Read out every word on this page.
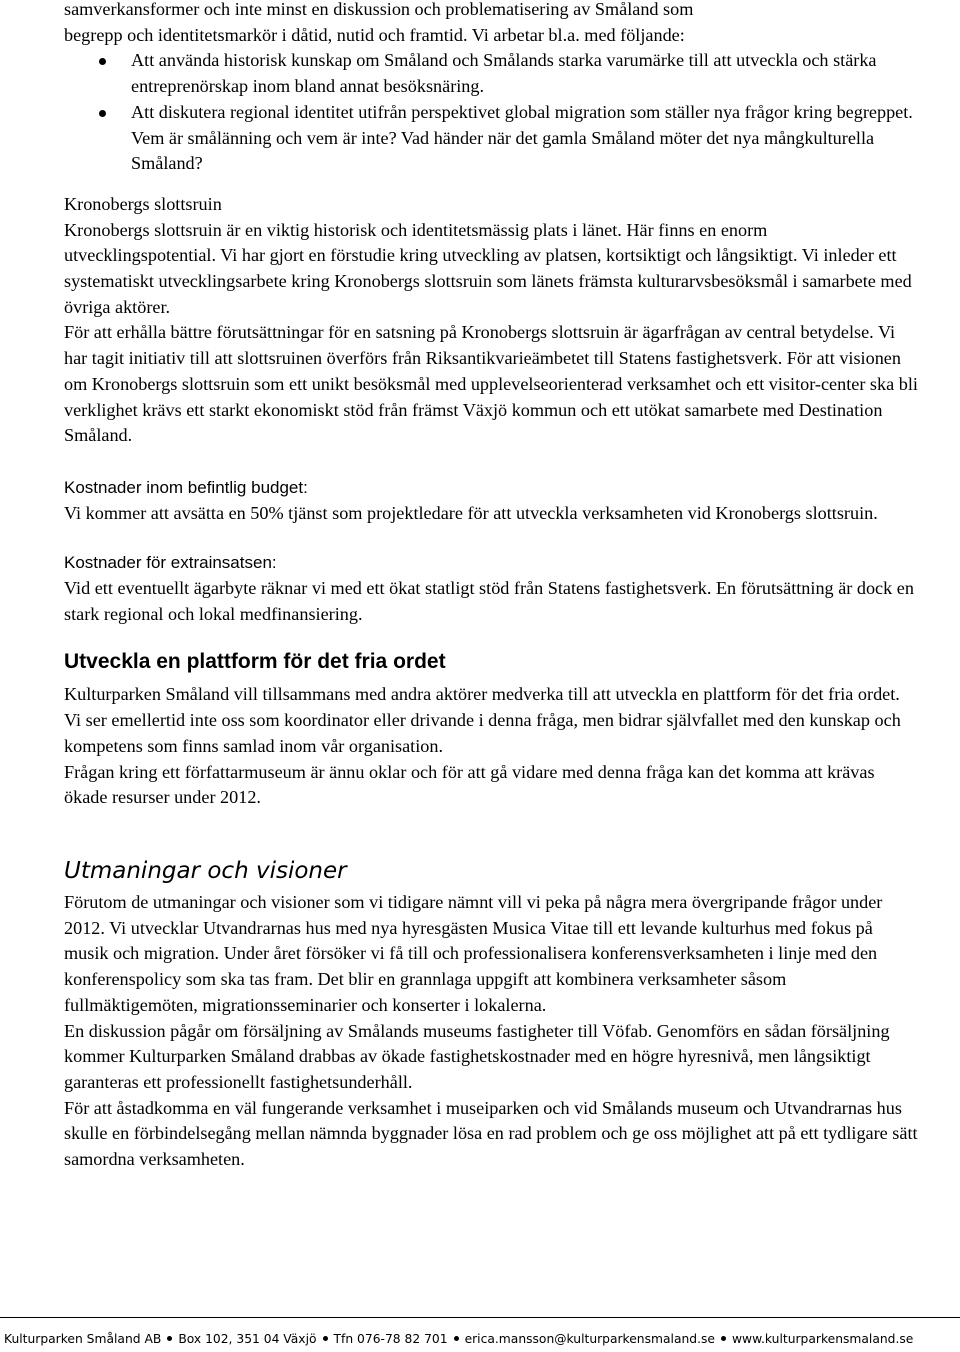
samverkansformer och inte minst en diskussion och problematisering av Småland som
begrepp och identitetsmarkör i dåtid, nutid och framtid. Vi arbetar bl.a. med följande:

Att använda historisk kunskap om Småland och Smålands starka varumärke till att utveckla och stärka entreprenörskap inom bland annat besöksnäring.
Att diskutera regional identitet utifrån perspektivet global migration som ställer nya frågor kring begreppet. Vem är smålänning och vem är inte? Vad händer när det gamla Småland möter det nya mångkulturella Småland?
Kronobergs slottsruin

Kronobergs slottsruin är en viktig historisk och identitetsmässig plats i länet. Här finns en enorm utvecklingspotential. Vi har gjort en förstudie kring utveckling av platsen, kortsiktigt och långsiktigt. Vi inleder ett systematiskt utvecklingsarbete kring Kronobergs slottsruin som länets främsta kulturarvsbesöksmål i samarbete med övriga aktörer.

För att erhålla bättre förutsättningar för en satsning på Kronobergs slottsruin är ägarfrågan av central betydelse. Vi har tagit initiativ till att slottsruinen överförs från Riksantikvarieämbetet till Statens fastighetsverk. För att visionen om Kronobergs slottsruin som ett unikt besöksmål med upplevelseorienterad verksamhet och ett visitor-center ska bli verklighet krävs ett starkt ekonomiskt stöd från främst Växjö kommun och ett utökat samarbete med Destination Småland.

Kostnader inom befintlig budget:

Vi kommer att avsätta en 50% tjänst som projektledare för att utveckla verksamheten vid Kronobergs slottsruin.

Kostnader för extrainsatsen:

Vid ett eventuellt ägarbyte räknar vi med ett ökat statligt stöd från Statens fastighetsverk. En förutsättning är dock en stark regional och lokal medfinansiering.

Utveckla en plattform för det fria ordet

Kulturparken Småland vill tillsammans med andra aktörer medverka till att utveckla en plattform för det fria ordet. Vi ser emellertid inte oss som koordinator eller drivande i denna fråga, men bidrar självfallet med den kunskap och kompetens som finns samlad inom vår organisation.

Frågan kring ett författarmuseum är ännu oklar och för att gå vidare med denna fråga kan det komma att krävas ökade resurser under 2012.

Utmaningar och visioner

Förutom de utmaningar och visioner som vi tidigare nämnt vill vi peka på några mera övergripande frågor under 2012. Vi utvecklar Utvandrarnas hus med nya hyresgästen Musica Vitae till ett levande kulturhus med fokus på musik och migration. Under året försöker vi få till och professionalisera konferensverksamheten i linje med den konferenspolicy som ska tas fram. Det blir en grannlaga uppgift att kombinera verksamheter såsom fullmäktigemöten, migrationsseminarier och konserter i lokalerna.

En diskussion pågår om försäljning av Smålands museums fastigheter till Vöfab. Genomförs en sådan försäljning kommer Kulturparken Småland drabbas av ökade fastighetskostnader med en högre hyresnivå, men långsiktigt garanteras ett professionellt fastighetsunderhåll.

För att åstadkomma en väl fungerande verksamhet i museiparken och vid Smålands museum och Utvandrarnas hus skulle en förbindelsegång mellan nämnda byggnader lösa en rad problem och ge oss möjlighet att på ett tydligare sätt samordna verksamheten.

Kulturparken Småland AB Box 102, 351 04 Växjö Tfn 076-78 82 701 erica.mansson@kulturparkensmaland.se www.kulturparkensmaland.se
